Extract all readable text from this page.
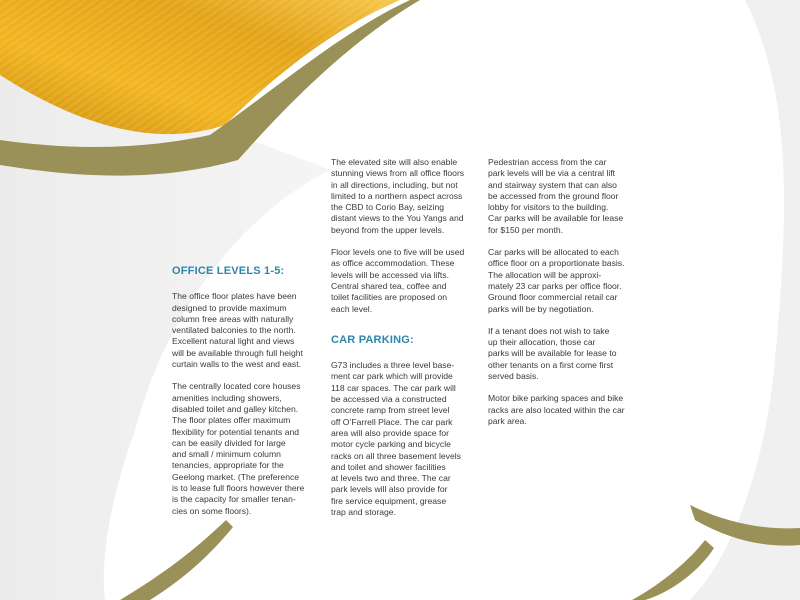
OFFICE LEVELS 1-5:

The office floor plates have been
designed to provide maximum
column free areas with naturally
ventilated balconies to the north.
Excellent natural light and views
will be available through full height
curtain walls to the west and east.

The centrally located core houses
amenities including showers,
disabled toilet and galley kitchen.
The floor plates offer maximum
flexibility for potential tenants and
can be easily divided for large
and small / minimum column
tenancies, appropriate for the
Geelong market. (The preference
is to lease full floors however there
is the capacity for smaller tenan-
cies on some floors).

The elevated site will also enable
stunning views from all office floors
in all directions, including, but not
limited to a northern aspect across
the CBD to Corio Bay, seizing
distant views to the You Yangs and
beyond from the upper levels.

Floor levels one to five will be used
as office accommodation. These
levels will be accessed via lifts.
Central shared tea, coffee and
toilet facilities are proposed on
each level.

CAR PARKING:

G73 includes a three level base-
ment car park which will provide
118 car spaces. The car park will
be accessed via a constructed
concrete ramp from street level
off O’Farrell Place. The car park
area will also provide space for
motor cycle parking and bicycle
racks on all three basement levels
and toilet and shower facilities
at levels two and three. The car
park levels will also provide for
fire service equipment, grease
trap and storage.

Pedestrian access from the car
park levels will be via a central lift
and stairway system that can also
be accessed from the ground floor
lobby for visitors to the building.
Car parks will be available for lease
for $150 per month.

Car parks will be allocated to each
office floor on a proportionate basis.
The allocation will be approxi-
mately 23 car parks per office floor.
Ground floor commercial retail car
parks will be by negotiation.

If a tenant does not wish to take
up their allocation, those car
parks will be available for lease to
other tenants on a first come first
served basis.

Motor bike parking spaces and bike
racks are also located within the car
park area.
